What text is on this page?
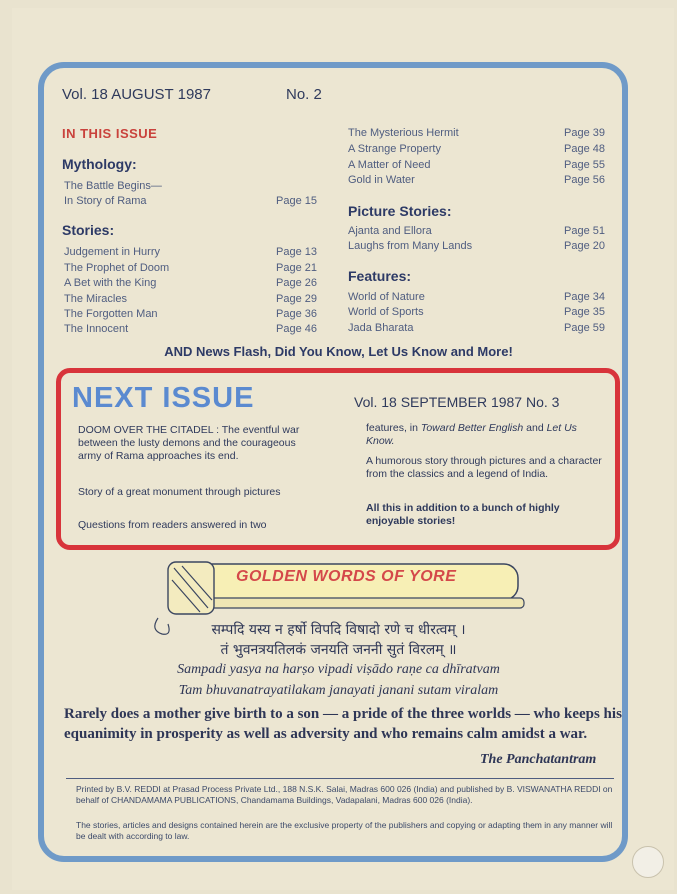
Vol. 18 AUGUST 1987	No. 2
IN THIS ISSUE
Mythology:
The Battle Begins—
In Story of Rama	Page 15
Stories:
Judgement in Hurry	Page 13
The Prophet of Doom	Page 21
A Bet with the King	Page 26
The Miracles	Page 29
The Forgotten Man	Page 36
The Innocent	Page 46
The Mysterious Hermit	Page 39
A Strange Property	Page 48
A Matter of Need	Page 55
Gold in Water	Page 56
Picture Stories:
Ajanta and Ellora	Page 51
Laughs from Many Lands	Page 20
Features:
World of Nature	Page 34
World of Sports	Page 35
Jada Bharata	Page 59
AND News Flash, Did You Know, Let Us Know and More!
NEXT ISSUE	Vol. 18 SEPTEMBER 1987 No. 3
DOOM OVER THE CITADEL : The eventful war between the lusty demons and the courageous army of Rama approaches its end.
Story of a great monument through pictures
Questions from readers answered in two
features, in Toward Better English and Let Us Know.
A humorous story through pictures and a character from the classics and a legend of India.
All this in addition to a bunch of highly enjoyable stories!
GOLDEN WORDS OF YORE
सम्पदि यस्य न हर्षो विपदि विषादो रणे च धीरत्वम् ।
तं भुवनत्रयतिलकं जनयति जननी सुतं विरलम् ॥
Sampadi yasya na harṣo vipadi viṣādo raṇe ca dhīratvam
Tam bhuvanatrayatilakam janayati janani sutam viralam
Rarely does a mother give birth to a son — a pride of the three worlds — who keeps his equanimity in prosperity as well as adversity and who remains calm amidst a war.
The Panchatantram
Printed by B.V. REDDI at Prasad Process Private Ltd., 188 N.S.K. Salai, Madras 600 026 (India) and published by B. VISWANATHA REDDI on behalf of CHANDAMAMA PUBLICATIONS, Chandamama Buildings, Vadapalani, Madras 600 026 (India).
The stories, articles and designs contained herein are the exclusive property of the publishers and copying or adapting them in any manner will be dealt with according to law.
